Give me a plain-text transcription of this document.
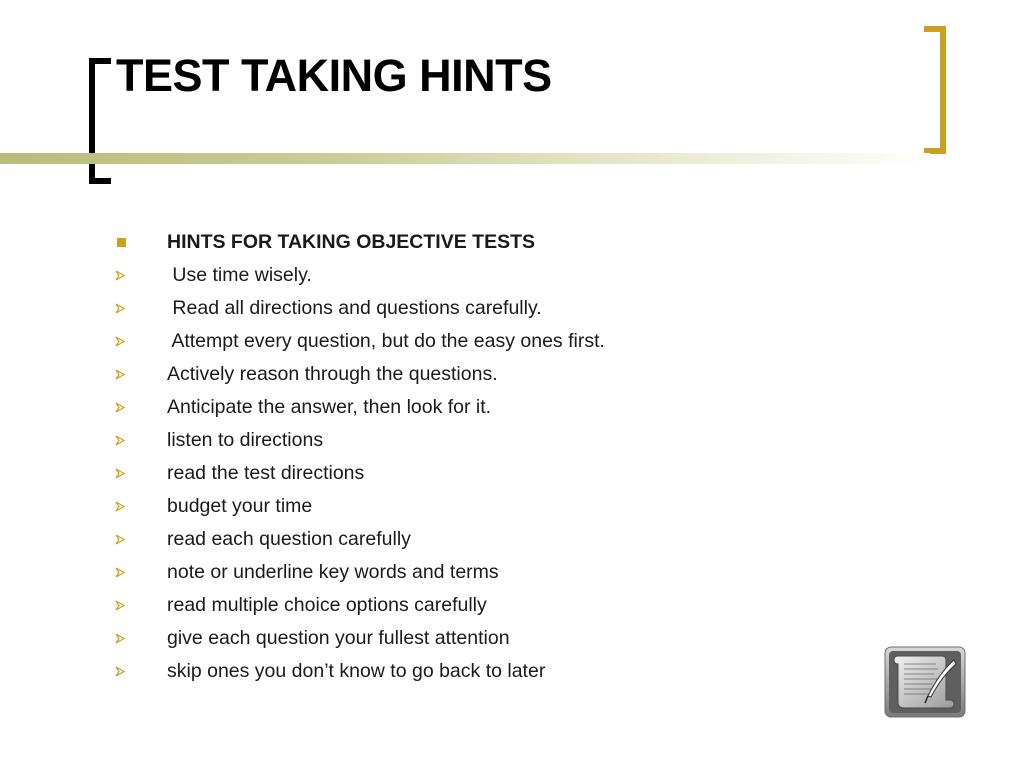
TEST TAKING HINTS
HINTS FOR TAKING OBJECTIVE TESTS
Use time wisely.
Read all directions and questions carefully.
Attempt every question, but do the easy ones first.
Actively reason through the questions.
Anticipate the answer, then look for it.
listen to directions
read the test directions
budget your time
read each question carefully
note or underline key words and terms
read multiple choice options carefully
give each question your fullest attention
skip ones you don’t know to go back to later
